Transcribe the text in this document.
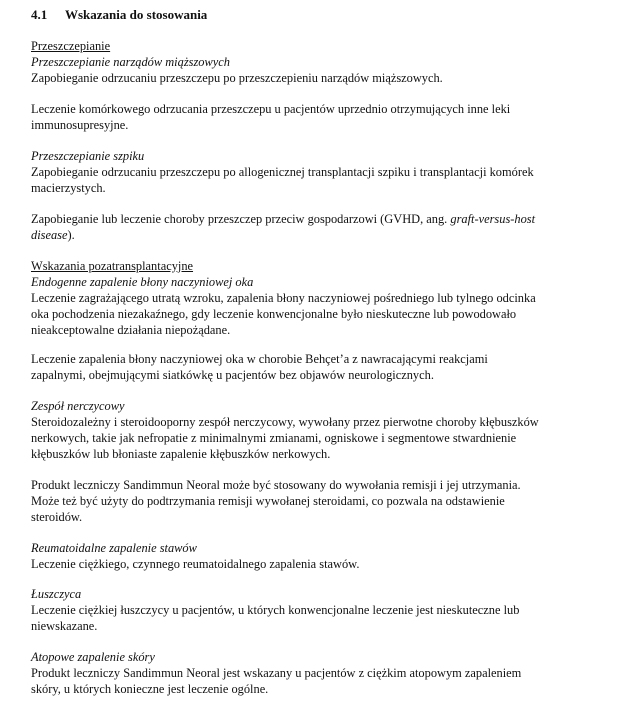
4.1 Wskazania do stosowania
Przeszczepianie
Przeszczepianie narządów miąższowych
Zapobieganie odrzucaniu przeszczepu po przeszczepieniu narządów miąższowych.
Leczenie komórkowego odrzucania przeszczepu u pacjentów uprzednio otrzymujących inne leki
immunosupresyjne.
Przeszczepianie szpiku
Zapobieganie odrzucaniu przeszczepu po allogenicznej transplantacji szpiku i transplantacji komórek
macierzystych.
Zapobieganie lub leczenie choroby przeszczep przeciw gospodarzowi (GVHD, ang. graft-versus-host
disease).
Wskazania pozatransplantacyjne
Endogenne zapalenie błony naczyniowej oka
Leczenie zagrażającego utratą wzroku, zapalenia błony naczyniowej pośredniego lub tylnego odcinka
oka pochodzenia niezakaźnego, gdy leczenie konwencjonalne było nieskuteczne lub powodowało
nieakceptowalne działania niepożądane.
Leczenie zapalenia błony naczyniowej oka w chorobie Behçet’a z nawracającymi reakcjami
zapalnymi, obejmującymi siatkówkę u pacjentów bez objawów neurologicznych.
Zespół nerczycowy
Steroidozależny i steroidooporny zespół nerczycowy, wywołany przez pierwotne choroby kłębuszków
nerkowych, takie jak nefropatie z minimalnymi zmianami, ogniskowe i segmentowe stwardnienie
kłębuszków lub błoniaste zapalenie kłębuszków nerkowych.
Produkt leczniczy Sandimmun Neoral może być stosowany do wywołania remisji i jej utrzymania.
Może też być użyty do podtrzymania remisji wywołanej steroidami, co pozwala na odstawienie
steroidów.
Reumatoidalne zapalenie stawów
Leczenie ciężkiego, czynnego reumatoidalnego zapalenia stawów.
Łuszczyca
Leczenie ciężkiej łuszczycy u pacjentów, u których konwencjonalne leczenie jest nieskuteczne lub
niewskazane.
Atopowe zapalenie skóry
Produkt leczniczy Sandimmun Neoral jest wskazany u pacjentów z ciężkim atopowym zapaleniem
skóry, u których konieczne jest leczenie ogólne.
